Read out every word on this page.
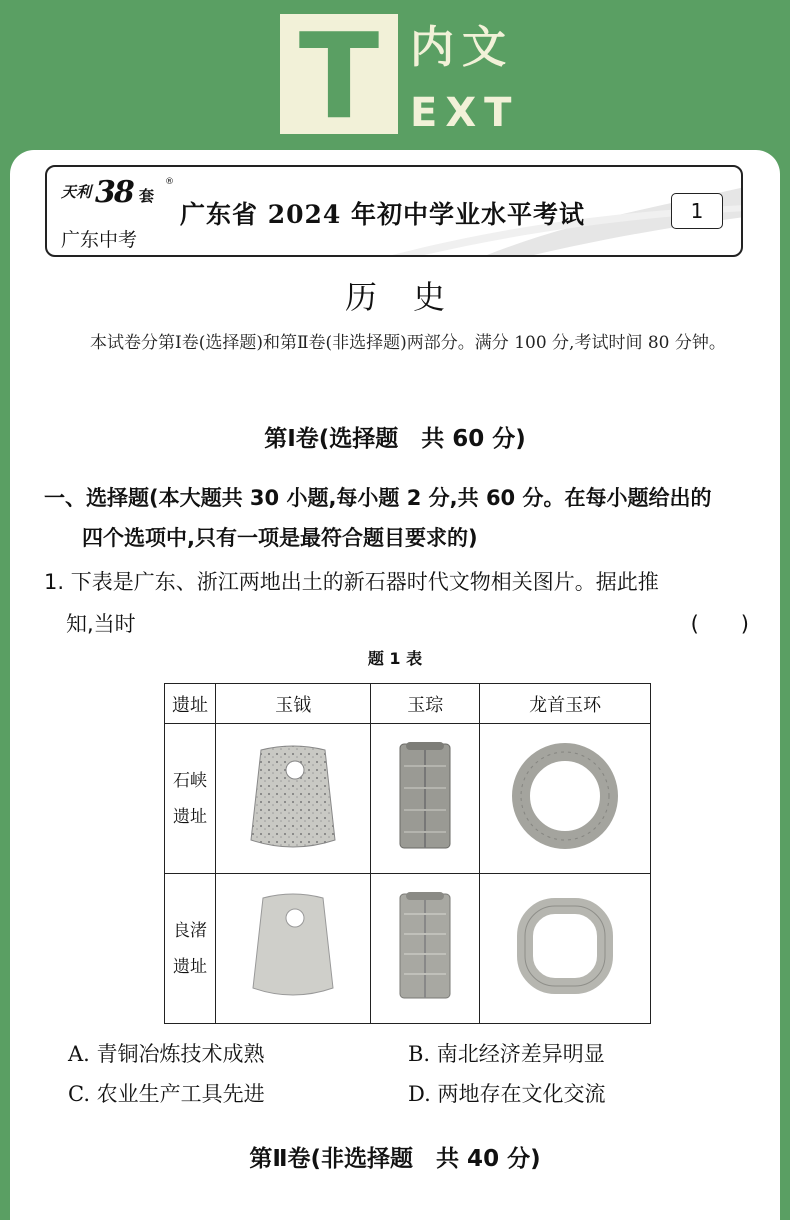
T 内文
EXT
天利 38 套
®
广东中考
广东省 2024 年初中学业水平考试	1
历史
本试卷分第Ⅰ卷(选择题)和第Ⅱ卷(非选择题)两部分。满分 100 分,考试时间 80 分钟。
第Ⅰ卷(选择题　共 60 分)
一、选择题(本大题共 30 小题,每小题 2 分,共 60 分。在每小题给出的
四个选项中,只有一项是最符合题目要求的)
1. 下表是广东、浙江两地出土的新石器时代文物相关图片。据此推
知,当时	(　　)
题 1 表
遗址	玉钺	玉琮	龙首玉环

石峡
遗址

良渚
遗址

A. 青铜冶炼技术成熟	B. 南北经济差异明显
C. 农业生产工具先进	D. 两地存在文化交流
第Ⅱ卷(非选择题　共 40 分)
